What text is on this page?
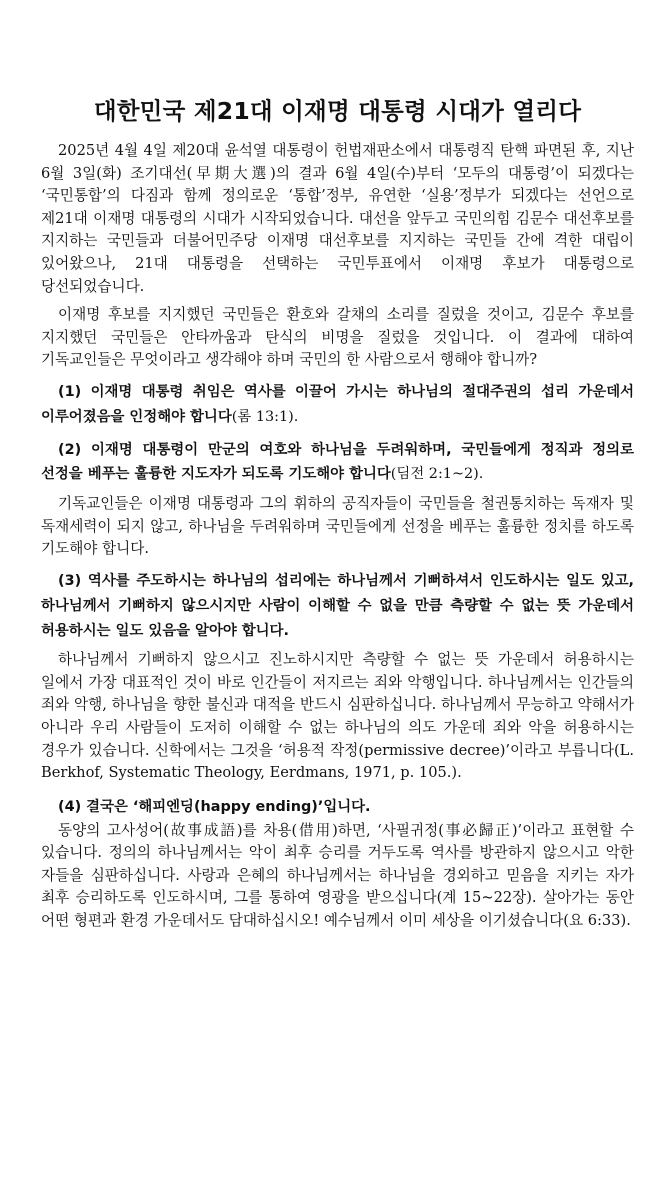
대한민국 제21대 이재명 대통령 시대가 열리다

2025년 4월 4일 제20대 윤석열 대통령이 헌법재판소에서 대통령직 탄핵 파면된 후, 지난 6월 3일(화) 조기대선(早期大選)의 결과 6월 4일(수)부터 ‘모두의 대통령’이 되겠다는 ‘국민통합’의 다짐과 함께 정의로운 ‘통합’정부, 유연한 ‘실용’정부가 되겠다는 선언으로 제21대 이재명 대통령의 시대가 시작되었습니다. 대선을 앞두고 국민의힘 김문수 대선후보를 지지하는 국민들과 더불어민주당 이재명 대선후보를 지지하는 국민들 간에 격한 대립이 있어왔으나, 21대 대통령을 선택하는 국민투표에서 이재명 후보가 대통령으로 당선되었습니다.

이재명 후보를 지지했던 국민들은 환호와 갈채의 소리를 질렀을 것이고, 김문수 후보를 지지했던 국민들은 안타까움과 탄식의 비명을 질렀을 것입니다. 이 결과에 대하여 기독교인들은 무엇이라고 생각해야 하며 국민의 한 사람으로서 행해야 합니까?

(1) 이재명 대통령 취임은 역사를 이끌어 가시는 하나님의 절대주권의 섭리 가운데서 이루어졌음을 인정해야 합니다(롬 13:1).

(2) 이재명 대통령이 만군의 여호와 하나님을 두려워하며, 국민들에게 정직과 정의로 선정을 베푸는 훌륭한 지도자가 되도록 기도해야 합니다(딤전 2:1~2).

기독교인들은 이재명 대통령과 그의 휘하의 공직자들이 국민들을 철권통치하는 독재자 및 독재세력이 되지 않고, 하나님을 두려워하며 국민들에게 선정을 베푸는 훌륭한 정치를 하도록 기도해야 합니다.

(3) 역사를 주도하시는 하나님의 섭리에는 하나님께서 기뻐하셔서 인도하시는 일도 있고, 하나님께서 기뻐하지 않으시지만 사람이 이해할 수 없을 만큼 측량할 수 없는 뜻 가운데서 허용하시는 일도 있음을 알아야 합니다.

하나님께서 기뻐하지 않으시고 진노하시지만 측량할 수 없는 뜻 가운데서 허용하시는 일에서 가장 대표적인 것이 바로 인간들이 저지르는 죄와 악행입니다. 하나님께서는 인간들의 죄와 악행, 하나님을 향한 불신과 대적을 반드시 심판하십니다. 하나님께서 무능하고 약해서가 아니라 우리 사람들이 도저히 이해할 수 없는 하나님의 의도 가운데 죄와 악을 허용하시는 경우가 있습니다. 신학에서는 그것을 ‘허용적 작정(permissive decree)’이라고 부릅니다(L. Berkhof, Systematic Theology, Eerdmans, 1971, p. 105.).

(4) 결국은 ‘해피엔딩(happy ending)’입니다.

동양의 고사성어(故事成語)를 차용(借用)하면, ‘사필귀정(事必歸正)’이라고 표현할 수 있습니다. 정의의 하나님께서는 악이 최후 승리를 거두도록 역사를 방관하지 않으시고 악한 자들을 심판하십니다. 사랑과 은혜의 하나님께서는 하나님을 경외하고 믿음을 지키는 자가 최후 승리하도록 인도하시며, 그를 통하여 영광을 받으십니다(계 15~22장). 살아가는 동안 어떤 형편과 환경 가운데서도 담대하십시오! 예수님께서 이미 세상을 이기셨습니다(요 6:33).
